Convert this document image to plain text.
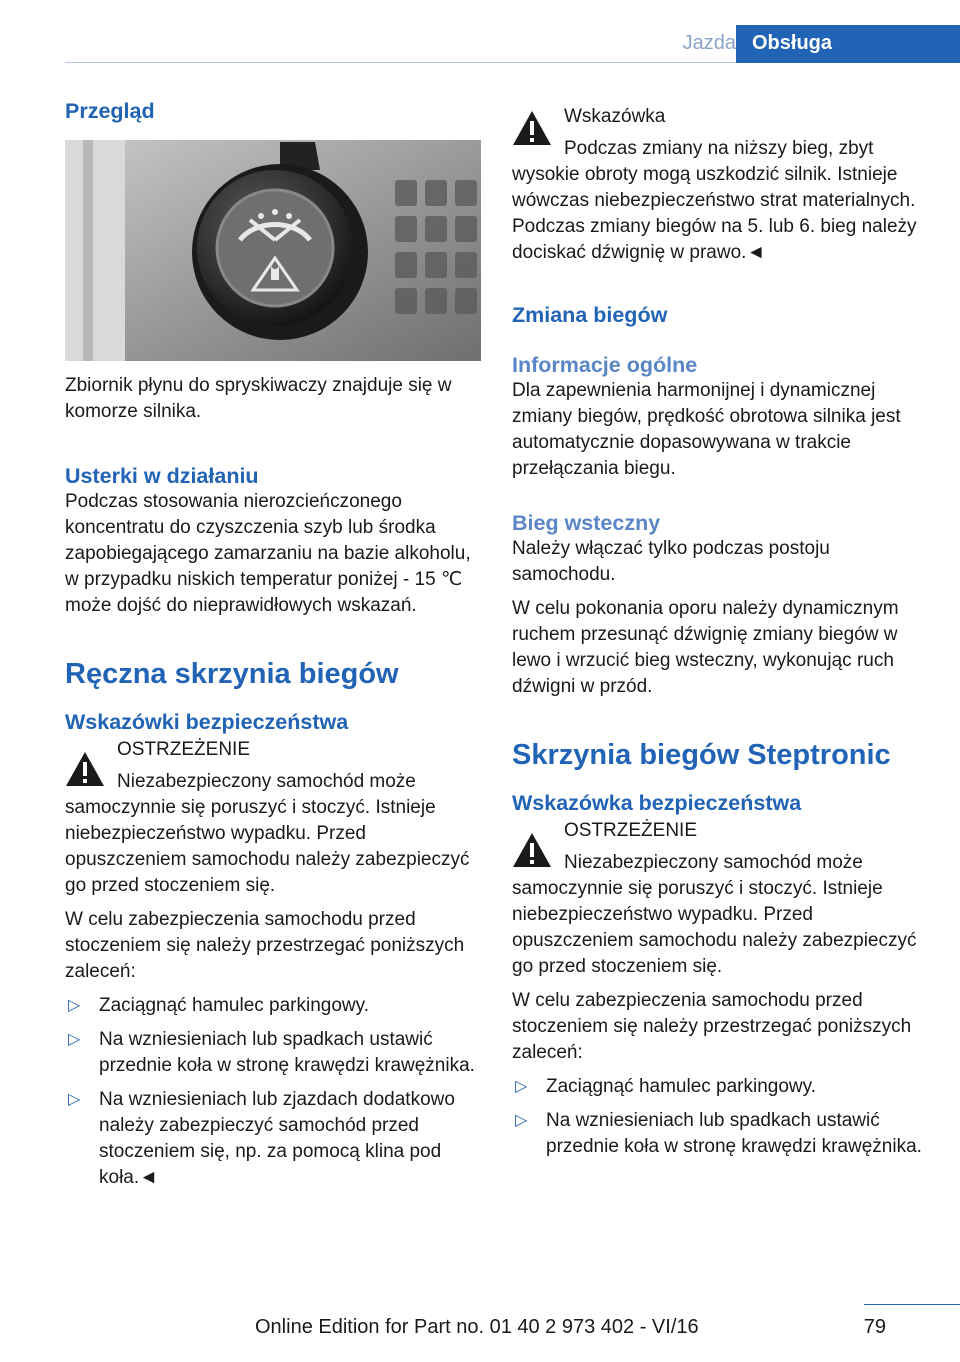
Jazda Obsługa
Przegląd
Zbiornik płynu do spryskiwaczy znajduje się w komorze silnika.
Usterki w działaniu
Podczas stosowania nierozcieńczonego koncentratu do czyszczenia szyb lub środka zapobiegającego zamarzaniu na bazie alkoholu, w przypadku niskich temperatur poniżej - 15 ℃ może dojść do nieprawidłowych wskazań.
Ręczna skrzynia biegów
Wskazówki bezpieczeństwa
OSTRZEŻENIE
Niezabezpieczony samochód może samoczynnie się poruszyć i stoczyć. Istnieje niebezpieczeństwo wypadku. Przed opuszczeniem samochodu należy zabezpieczyć go przed stoczeniem się.
W celu zabezpieczenia samochodu przed stoczeniem się należy przestrzegać poniższych zaleceń:
▷ Zaciągnąć hamulec parkingowy.
▷ Na wzniesieniach lub spadkach ustawić przednie koła w stronę krawędzi krawężnika.
▷ Na wzniesieniach lub zjazdach dodatkowo należy zabezpieczyć samochód przed stoczeniem się, np. za pomocą klina pod koła.◄
Wskazówka
Podczas zmiany na niższy bieg, zbyt wysokie obroty mogą uszkodzić silnik. Istnieje wówczas niebezpieczeństwo strat materialnych. Podczas zmiany biegów na 5. lub 6. bieg należy dociskać dźwignię w prawo.◄
Zmiana biegów
Informacje ogólne
Dla zapewnienia harmonijnej i dynamicznej zmiany biegów, prędkość obrotowa silnika jest automatycznie dopasowywana w trakcie przełączania biegu.
Bieg wsteczny
Należy włączać tylko podczas postoju samochodu.
W celu pokonania oporu należy dynamicznym ruchem przesunąć dźwignię zmiany biegów w lewo i wrzucić bieg wsteczny, wykonując ruch dźwigni w przód.
Skrzynia biegów Steptronic
Wskazówka bezpieczeństwa
OSTRZEŻENIE
Niezabezpieczony samochód może samoczynnie się poruszyć i stoczyć. Istnieje niebezpieczeństwo wypadku. Przed opuszczeniem samochodu należy zabezpieczyć go przed stoczeniem się.
W celu zabezpieczenia samochodu przed stoczeniem się należy przestrzegać poniższych zaleceń:
▷ Zaciągnąć hamulec parkingowy.
▷ Na wzniesieniach lub spadkach ustawić przednie koła w stronę krawędzi krawężnika.
79
Online Edition for Part no. 01 40 2 973 402 - VI/16
